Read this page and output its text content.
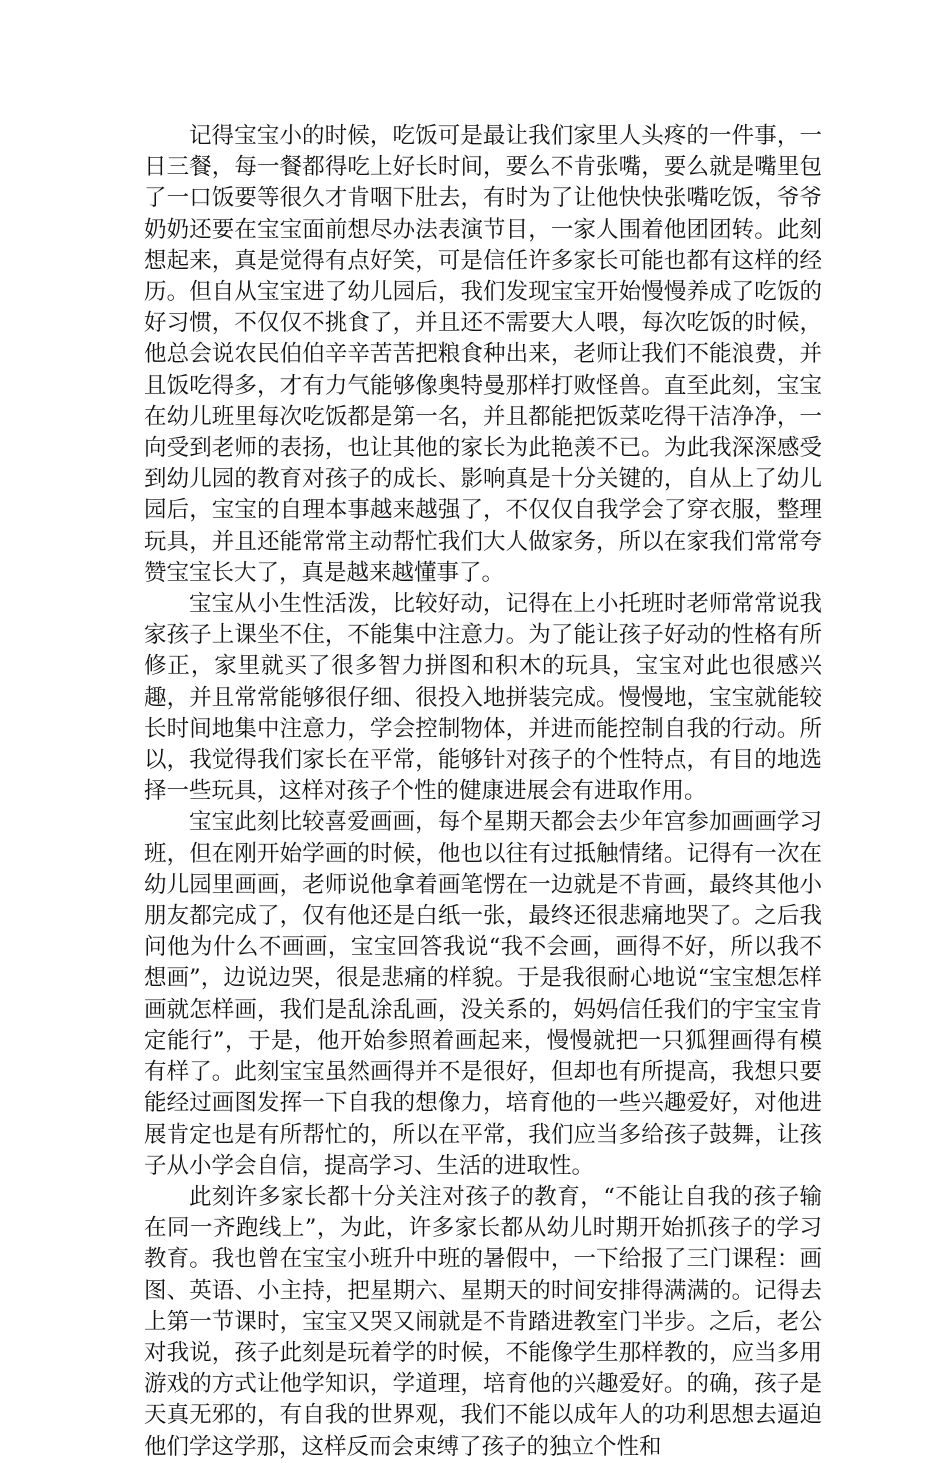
记得宝宝小的时候，吃饭可是最让我们家里人头疼的一件事，一日三餐，每一餐都得吃上好长时间，要么不肯张嘴，要么就是嘴里包了一口饭要等很久才肯咽下肚去，有时为了让他快快张嘴吃饭，爷爷奶奶还要在宝宝面前想尽办法表演节目，一家人围着他团团转。此刻想起来，真是觉得有点好笑，可是信任许多家长可能也都有这样的经历。但自从宝宝进了幼儿园后，我们发现宝宝开始慢慢养成了吃饭的好习惯，不仅仅不挑食了，并且还不需要大人喂，每次吃饭的时候，他总会说农民伯伯辛辛苦苦把粮食种出来，老师让我们不能浪费，并且饭吃得多，才有力气能够像奥特曼那样打败怪兽。直至此刻，宝宝在幼儿班里每次吃饭都是第一名，并且都能把饭菜吃得干洁净净，一向受到老师的表扬，也让其他的家长为此艳羡不已。为此我深深感受到幼儿园的教育对孩子的成长、影响真是十分关键的，自从上了幼儿园后，宝宝的自理本事越来越强了，不仅仅自我学会了穿衣服，整理玩具，并且还能常常主动帮忙我们大人做家务，所以在家我们常常夸赞宝宝长大了，真是越来越懂事了。

宝宝从小生性活泼，比较好动，记得在上小托班时老师常常说我家孩子上课坐不住，不能集中注意力。为了能让孩子好动的性格有所修正，家里就买了很多智力拼图和积木的玩具，宝宝对此也很感兴趣，并且常常能够很仔细、很投入地拼装完成。慢慢地，宝宝就能较长时间地集中注意力，学会控制物体，并进而能控制自我的行动。所以，我觉得我们家长在平常，能够针对孩子的个性特点，有目的地选择一些玩具，这样对孩子个性的健康进展会有进取作用。

宝宝此刻比较喜爱画画，每个星期天都会去少年宫参加画画学习班，但在刚开始学画的时候，他也以往有过抵触情绪。记得有一次在幼儿园里画画，老师说他拿着画笔愣在一边就是不肯画，最终其他小朋友都完成了，仅有他还是白纸一张，最终还很悲痛地哭了。之后我问他为什么不画画，宝宝回答我说“我不会画，画得不好，所以我不想画”，边说边哭，很是悲痛的样貌。于是我很耐心地说“宝宝想怎样画就怎样画，我们是乱涂乱画，没关系的，妈妈信任我们的宇宝宝肯定能行”，于是，他开始参照着画起来，慢慢就把一只狐狸画得有模有样了。此刻宝宝虽然画得并不是很好，但却也有所提高，我想只要能经过画图发挥一下自我的想像力，培育他的一些兴趣爱好，对他进展肯定也是有所帮忙的，所以在平常，我们应当多给孩子鼓舞，让孩子从小学会自信，提高学习、生活的进取性。

此刻许多家长都十分关注对孩子的教育，“不能让自我的孩子输在同一齐跑线上”，为此，许多家长都从幼儿时期开始抓孩子的学习教育。我也曾在宝宝小班升中班的暑假中，一下给报了三门课程：画图、英语、小主持，把星期六、星期天的时间安排得满满的。记得去上第一节课时，宝宝又哭又闹就是不肯踏进教室门半步。之后，老公对我说，孩子此刻是玩着学的时候，不能像学生那样教的，应当多用游戏的方式让他学知识，学道理，培育他的兴趣爱好。的确，孩子是天真无邪的，有自我的世界观，我们不能以成年人的功利思想去逼迫他们学这学那，这样反而会束缚了孩子的独立个性和
